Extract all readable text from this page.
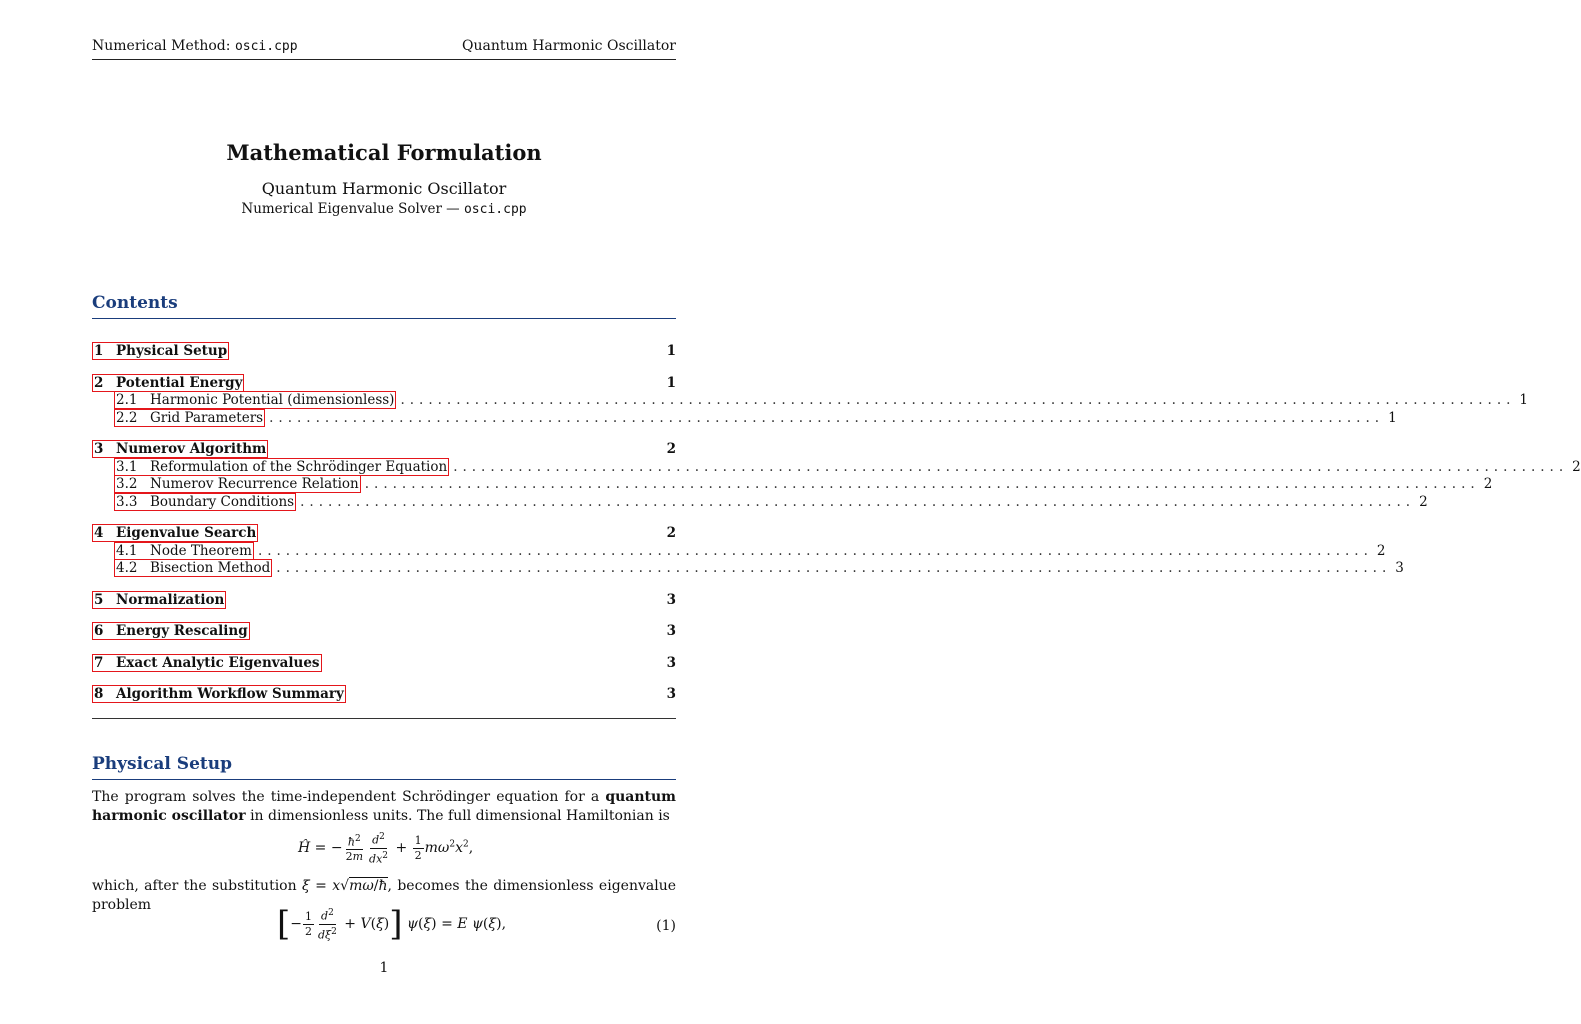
Numerical Method: osci.cpp	Quantum Harmonic Oscillator
Mathematical Formulation
Quantum Harmonic Oscillator
Numerical Eigenvalue Solver — osci.cpp
Contents
1 Physical Setup	1
2 Potential Energy	1
2.1 Harmonic Potential (dimensionless) ........................................................................................................................ 1
2.2 Grid Parameters ........................................................................................................................ 1
3 Numerov Algorithm	2
3.1 Reformulation of the Schrödinger Equation ........................................................................................................................ 2
3.2 Numerov Recurrence Relation ........................................................................................................................ 2
3.3 Boundary Conditions ........................................................................................................................ 2
4 Eigenvalue Search	2
4.1 Node Theorem ........................................................................................................................ 2
4.2 Bisection Method ........................................................................................................................ 3
5 Normalization	3
6 Energy Rescaling	3
7 Exact Analytic Eigenvalues	3
8 Algorithm Workflow Summary	3
Physical Setup
The program solves the time-independent Schrödinger equation for a quantum harmonic oscillator in dimensionless units. The full dimensional Hamiltonian is
Ĥ = − $\frac{ħ^2}{2m} \frac{d^2}{dx^2} + \frac{1}{2} m\omega^2x^2$,
which, after the substitution ξ = x√mω/ħ, becomes the dimensionless eigenvalue problem	[− $\frac{1}{2} \frac{d^2}{d\xi^2} + V(\xi)$] ψ(ξ) = E ψ(ξ),	(1)
1
